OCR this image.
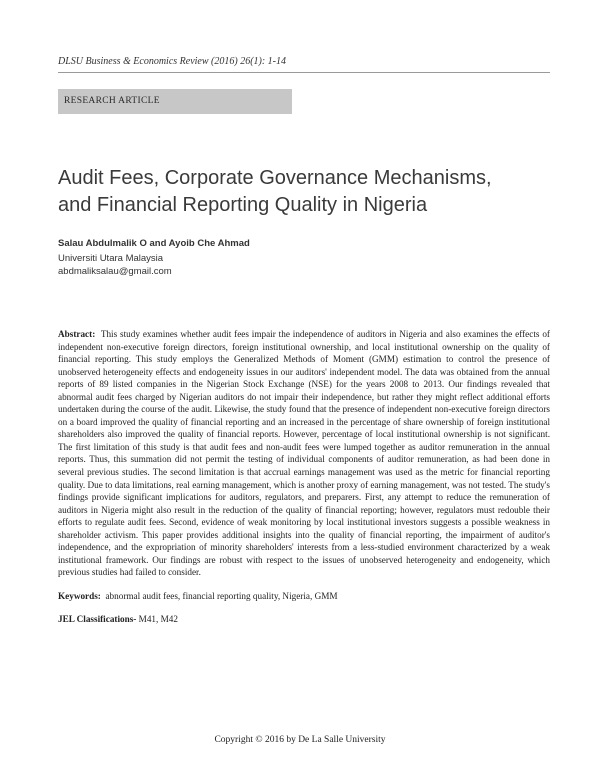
DLSU Business & Economics Review (2016) 26(1): 1-14
RESEARCH ARTICLE
Audit Fees, Corporate Governance Mechanisms,
and Financial Reporting Quality in Nigeria
Salau Abdulmalik O and Ayoib Che Ahmad
Universiti Utara Malaysia
abdmaliksalau@gmail.com

Abstract: This study examines whether audit fees impair the independence of auditors in Nigeria and also examines the effects of independent non-executive foreign directors, foreign institutional ownership, and local institutional ownership on the quality of financial reporting. This study employs the Generalized Methods of Moment (GMM) estimation to control the presence of unobserved heterogeneity effects and endogeneity issues in our auditors' independent model. The data was obtained from the annual reports of 89 listed companies in the Nigerian Stock Exchange (NSE) for the years 2008 to 2013. Our findings revealed that abnormal audit fees charged by Nigerian auditors do not impair their independence, but rather they might reflect additional efforts undertaken during the course of the audit. Likewise, the study found that the presence of independent non-executive foreign directors on a board improved the quality of financial reporting and an increased in the percentage of share ownership of foreign institutional shareholders also improved the quality of financial reports. However, percentage of local institutional ownership is not significant. The first limitation of this study is that audit fees and non-audit fees were lumped together as auditor remuneration in the annual reports. Thus, this summation did not permit the testing of individual components of auditor remuneration, as had been done in several previous studies. The second limitation is that accrual earnings management was used as the metric for financial reporting quality. Due to data limitations, real earning management, which is another proxy of earning management, was not tested. The study's findings provide significant implications for auditors, regulators, and preparers. First, any attempt to reduce the remuneration of auditors in Nigeria might also result in the reduction of the quality of financial reporting; however, regulators must redouble their efforts to regulate audit fees. Second, evidence of weak monitoring by local institutional investors suggests a possible weakness in shareholder activism. This paper provides additional insights into the quality of financial reporting, the impairment of auditor's independence, and the expropriation of minority shareholders' interests from a less-studied environment characterized by a weak institutional framework. Our findings are robust with respect to the issues of unobserved heterogeneity and endogeneity, which previous studies had failed to consider.

Keywords: abnormal audit fees, financial reporting quality, Nigeria, GMM
JEL Classifications- M41, M42
Copyright © 2016 by De La Salle University
